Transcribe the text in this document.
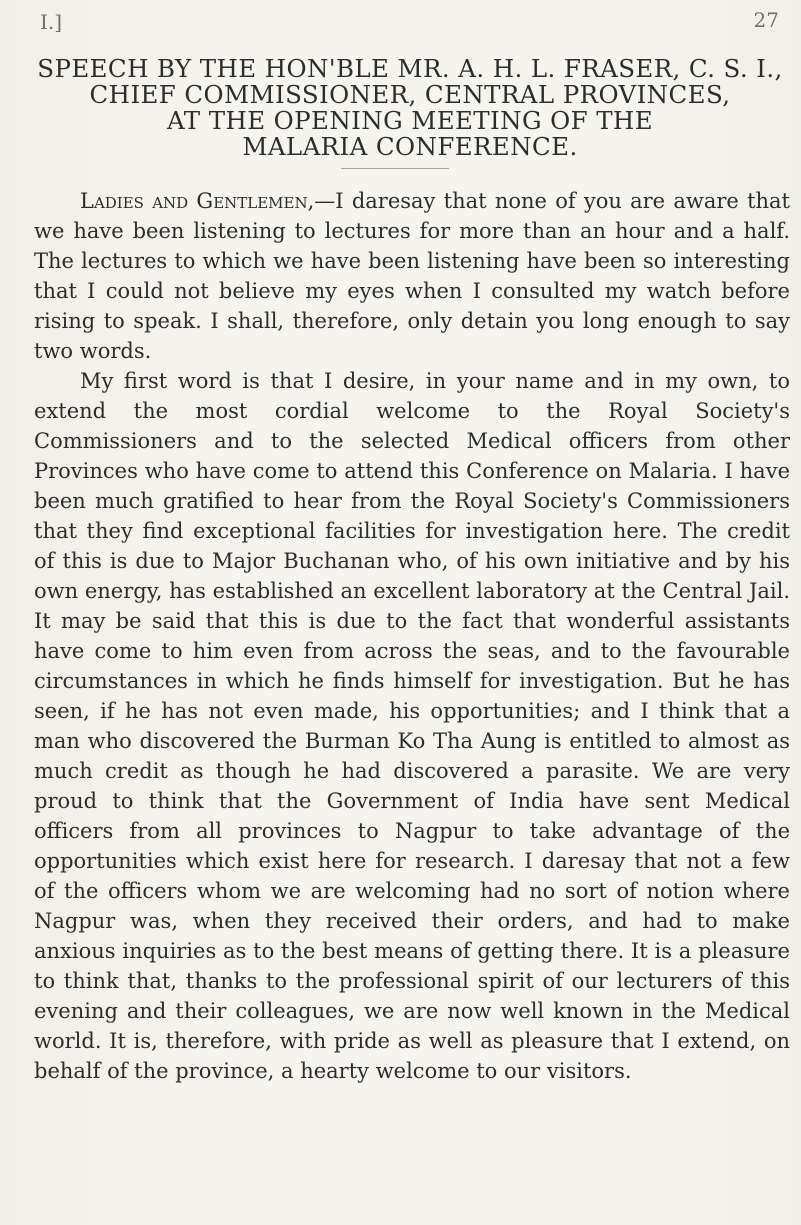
I.]	27
SPEECH BY THE HON'BLE MR. A. H. L. FRASER, C. S. I.,
CHIEF COMMISSIONER, CENTRAL PROVINCES,
AT THE OPENING MEETING OF THE
MALARIA CONFERENCE.

Ladies and Gentlemen,—I daresay that none of you are aware that we have been listening to lectures for more than an hour and a half. The lectures to which we have been listening have been so interesting that I could not believe my eyes when I consulted my watch before rising to speak. I shall, therefore, only detain you long enough to say two words.

My first word is that I desire, in your name and in my own, to extend the most cordial welcome to the Royal Society's Commissioners and to the selected Medical officers from other Provinces who have come to attend this Conference on Malaria. I have been much gratified to hear from the Royal Society's Commissioners that they find exceptional facilities for investigation here. The credit of this is due to Major Buchanan who, of his own initiative and by his own energy, has established an excellent laboratory at the Central Jail. It may be said that this is due to the fact that wonderful assistants have come to him even from across the seas, and to the favourable circumstances in which he finds himself for investigation. But he has seen, if he has not even made, his opportunities; and I think that a man who discovered the Burman Ko Tha Aung is entitled to almost as much credit as though he had discovered a parasite. We are very proud to think that the Government of India have sent Medical officers from all provinces to Nagpur to take advantage of the opportunities which exist here for research. I daresay that not a few of the officers whom we are welcoming had no sort of notion where Nagpur was, when they received their orders, and had to make anxious inquiries as to the best means of getting there. It is a pleasure to think that, thanks to the professional spirit of our lecturers of this evening and their colleagues, we are now well known in the Medical world. It is, therefore, with pride as well as pleasure that I extend, on behalf of the province, a hearty welcome to our visitors.
